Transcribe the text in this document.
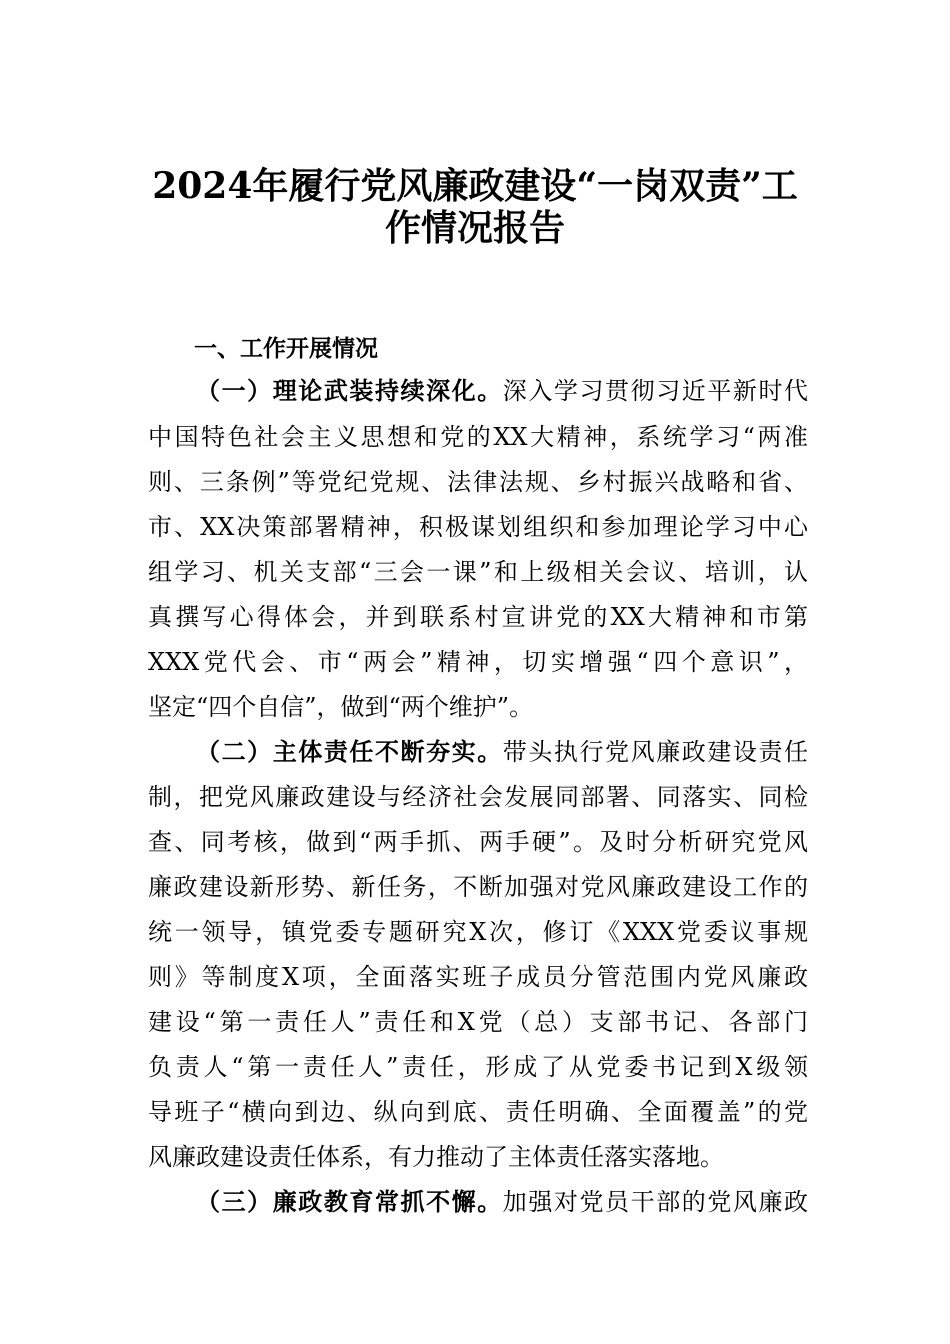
2024年履行党风廉政建设“一岗双责”工
作情况报告
一、工作开展情况
（一）理论武装持续深化。深入学习贯彻习近平新时代
中国特色社会主义思想和党的XX大精神，系统学习“两准
则、三条例”等党纪党规、法律法规、乡村振兴战略和省、
市、XX决策部署精神，积极谋划组织和参加理论学习中心
组学习、机关支部“三会一课”和上级相关会议、培训，认
真撰写心得体会，并到联系村宣讲党的XX大精神和市第
XXX党代会、市“两会”精神，切实增强“四个意识”，
坚定“四个自信”，做到“两个维护”。
（二）主体责任不断夯实。带头执行党风廉政建设责任
制，把党风廉政建设与经济社会发展同部署、同落实、同检
查、同考核，做到“两手抓、两手硬”。及时分析研究党风
廉政建设新形势、新任务，不断加强对党风廉政建设工作的
统一领导，镇党委专题研究X次，修订《XXX党委议事规
则》等制度X项，全面落实班子成员分管范围内党风廉政
建设“第一责任人”责任和X党（总）支部书记、各部门
负责人“第一责任人”责任，形成了从党委书记到X级领
导班子“横向到边、纵向到底、责任明确、全面覆盖”的党
风廉政建设责任体系，有力推动了主体责任落实落地。
（三）廉政教育常抓不懈。加强对党员干部的党风廉政
